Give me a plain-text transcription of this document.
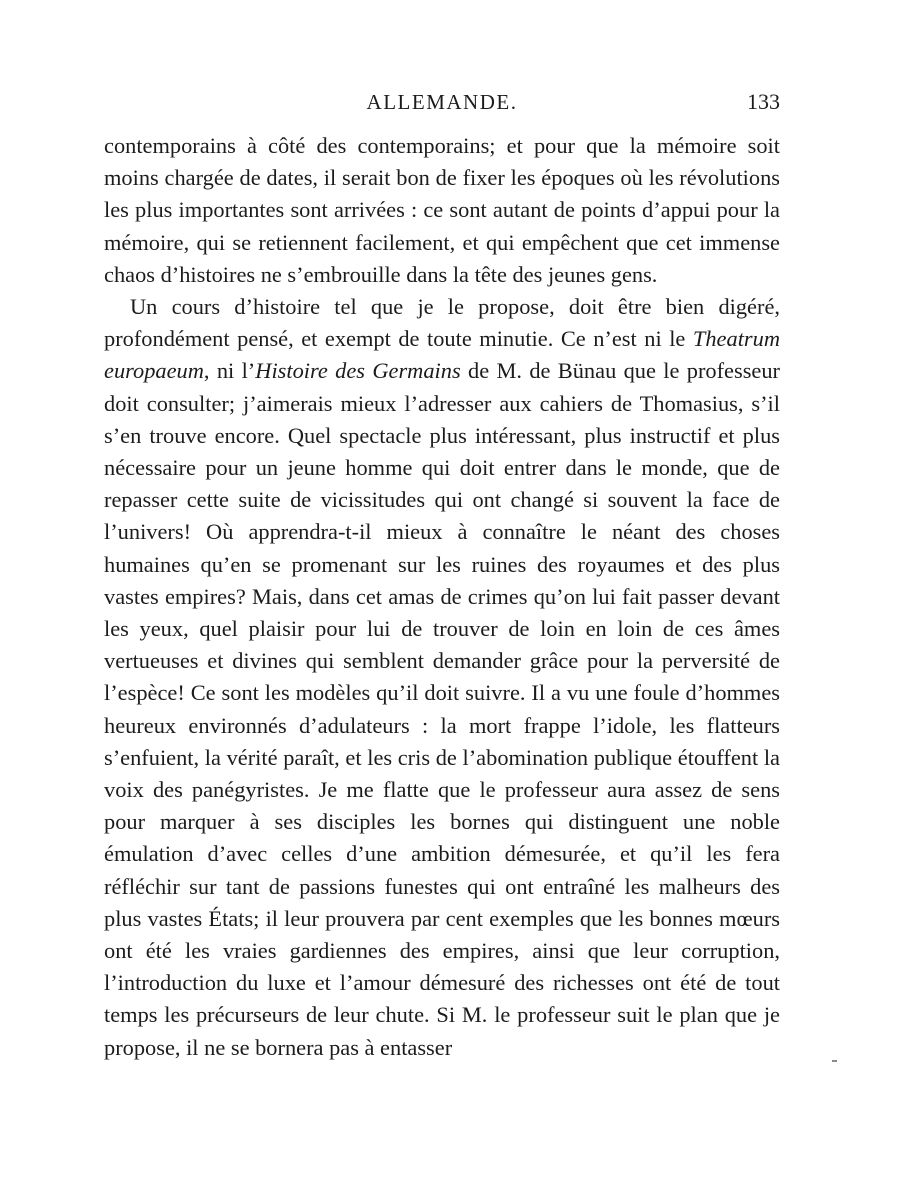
ALLEMANDE.	133

contemporains à côté des contemporains; et pour que la mémoire soit moins chargée de dates, il serait bon de fixer les époques où les révolutions les plus importantes sont arrivées : ce sont autant de points d’appui pour la mémoire, qui se retiennent facilement, et qui empêchent que cet immense chaos d’histoires ne s’embrouille dans la tête des jeunes gens.

Un cours d’histoire tel que je le propose, doit être bien digéré, profondément pensé, et exempt de toute minutie. Ce n’est ni le Theatrum europaeum, ni l’Histoire des Germains de M. de Bünau que le professeur doit consulter; j’aimerais mieux l’adresser aux cahiers de Thomasius, s’il s’en trouve encore. Quel spectacle plus intéressant, plus instructif et plus nécessaire pour un jeune homme qui doit entrer dans le monde, que de repasser cette suite de vicissitudes qui ont changé si souvent la face de l’univers! Où apprendra-t-il mieux à connaître le néant des choses humaines qu’en se promenant sur les ruines des royaumes et des plus vastes empires? Mais, dans cet amas de crimes qu’on lui fait passer devant les yeux, quel plaisir pour lui de trouver de loin en loin de ces âmes vertueuses et divines qui semblent demander grâce pour la perversité de l’espèce! Ce sont les modèles qu’il doit suivre. Il a vu une foule d’hommes heureux environnés d’adulateurs : la mort frappe l’idole, les flatteurs s’enfuient, la vérité paraît, et les cris de l’abomination publique étouffent la voix des panégyristes. Je me flatte que le professeur aura assez de sens pour marquer à ses disciples les bornes qui distinguent une noble émulation d’avec celles d’une ambition démesurée, et qu’il les fera réfléchir sur tant de passions funestes qui ont entraîné les malheurs des plus vastes États; il leur prouvera par cent exemples que les bonnes mœurs ont été les vraies gardiennes des empires, ainsi que leur corruption, l’introduction du luxe et l’amour démesuré des richesses ont été de tout temps les précurseurs de leur chute. Si M. le professeur suit le plan que je propose, il ne se bornera pas à entasser
